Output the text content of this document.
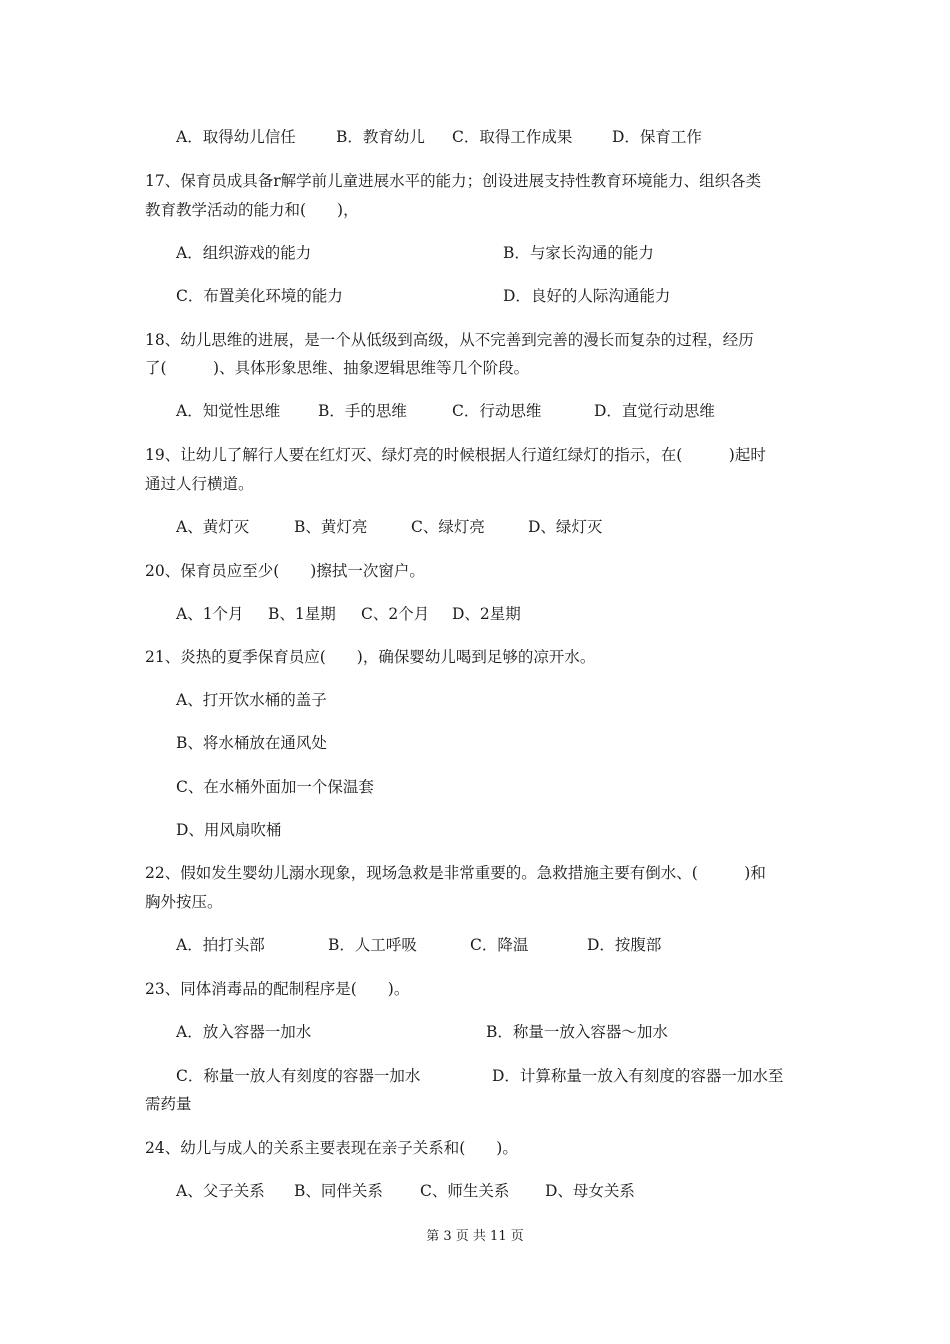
A．取得幼儿信任	B．教育幼儿 C．取得工作成果	D．保育工作
17、保育员成具备r解学前儿童进展水平的能力；创设进展支持性教育环境能力、组织各类
教育教学活动的能力和(　　)，
A．组织游戏的能力	B．与家长沟通的能力
C．布置美化环境的能力	D．良好的人际沟通能力
18、幼儿思维的进展，是一个从低级到高级，从不完善到完善的漫长而复杂的过程，经历
了(　　　)、具体形象思维、抽象逻辑思维等几个阶段。
A．知觉性思维 B．手的思维	C．行动思维	D．直觉行动思维
19、让幼儿了解行人要在红灯灭、绿灯亮的时候根据人行道红绿灯的指示，在(　　　)起时
通过人行横道。
A、黄灯灭	B、黄灯亮	C、绿灯亮	D、绿灯灭
20、保育员应至少(　　)擦拭一次窗户。
A、1个月 B、1星期 C、2个月 D、2星期
21、炎热的夏季保育员应(　　)，确保婴幼儿喝到足够的凉开水。
A、打开饮水桶的盖子
B、将水桶放在通风处
C、在水桶外面加一个保温套
D、用风扇吹桶
22、假如发生婴幼儿溺水现象，现场急救是非常重要的。急救措施主要有倒水、(　　　)和
胸外按压。
A．拍打头部	B．人工呼吸	C．降温	D．按腹部
23、同体消毒品的配制程序是(　　)。
A．放入容器一加水	B．称量一放入容器～加水
C．称量一放人有刻度的容器一加水	D．计算称量一放入有刻度的容器一加水至
需药量
24、幼儿与成人的关系主要表现在亲子关系和(　　)。
A、父子关系 B、同伴关系 C、师生关系 D、母女关系
第 3 页 共 11 页
